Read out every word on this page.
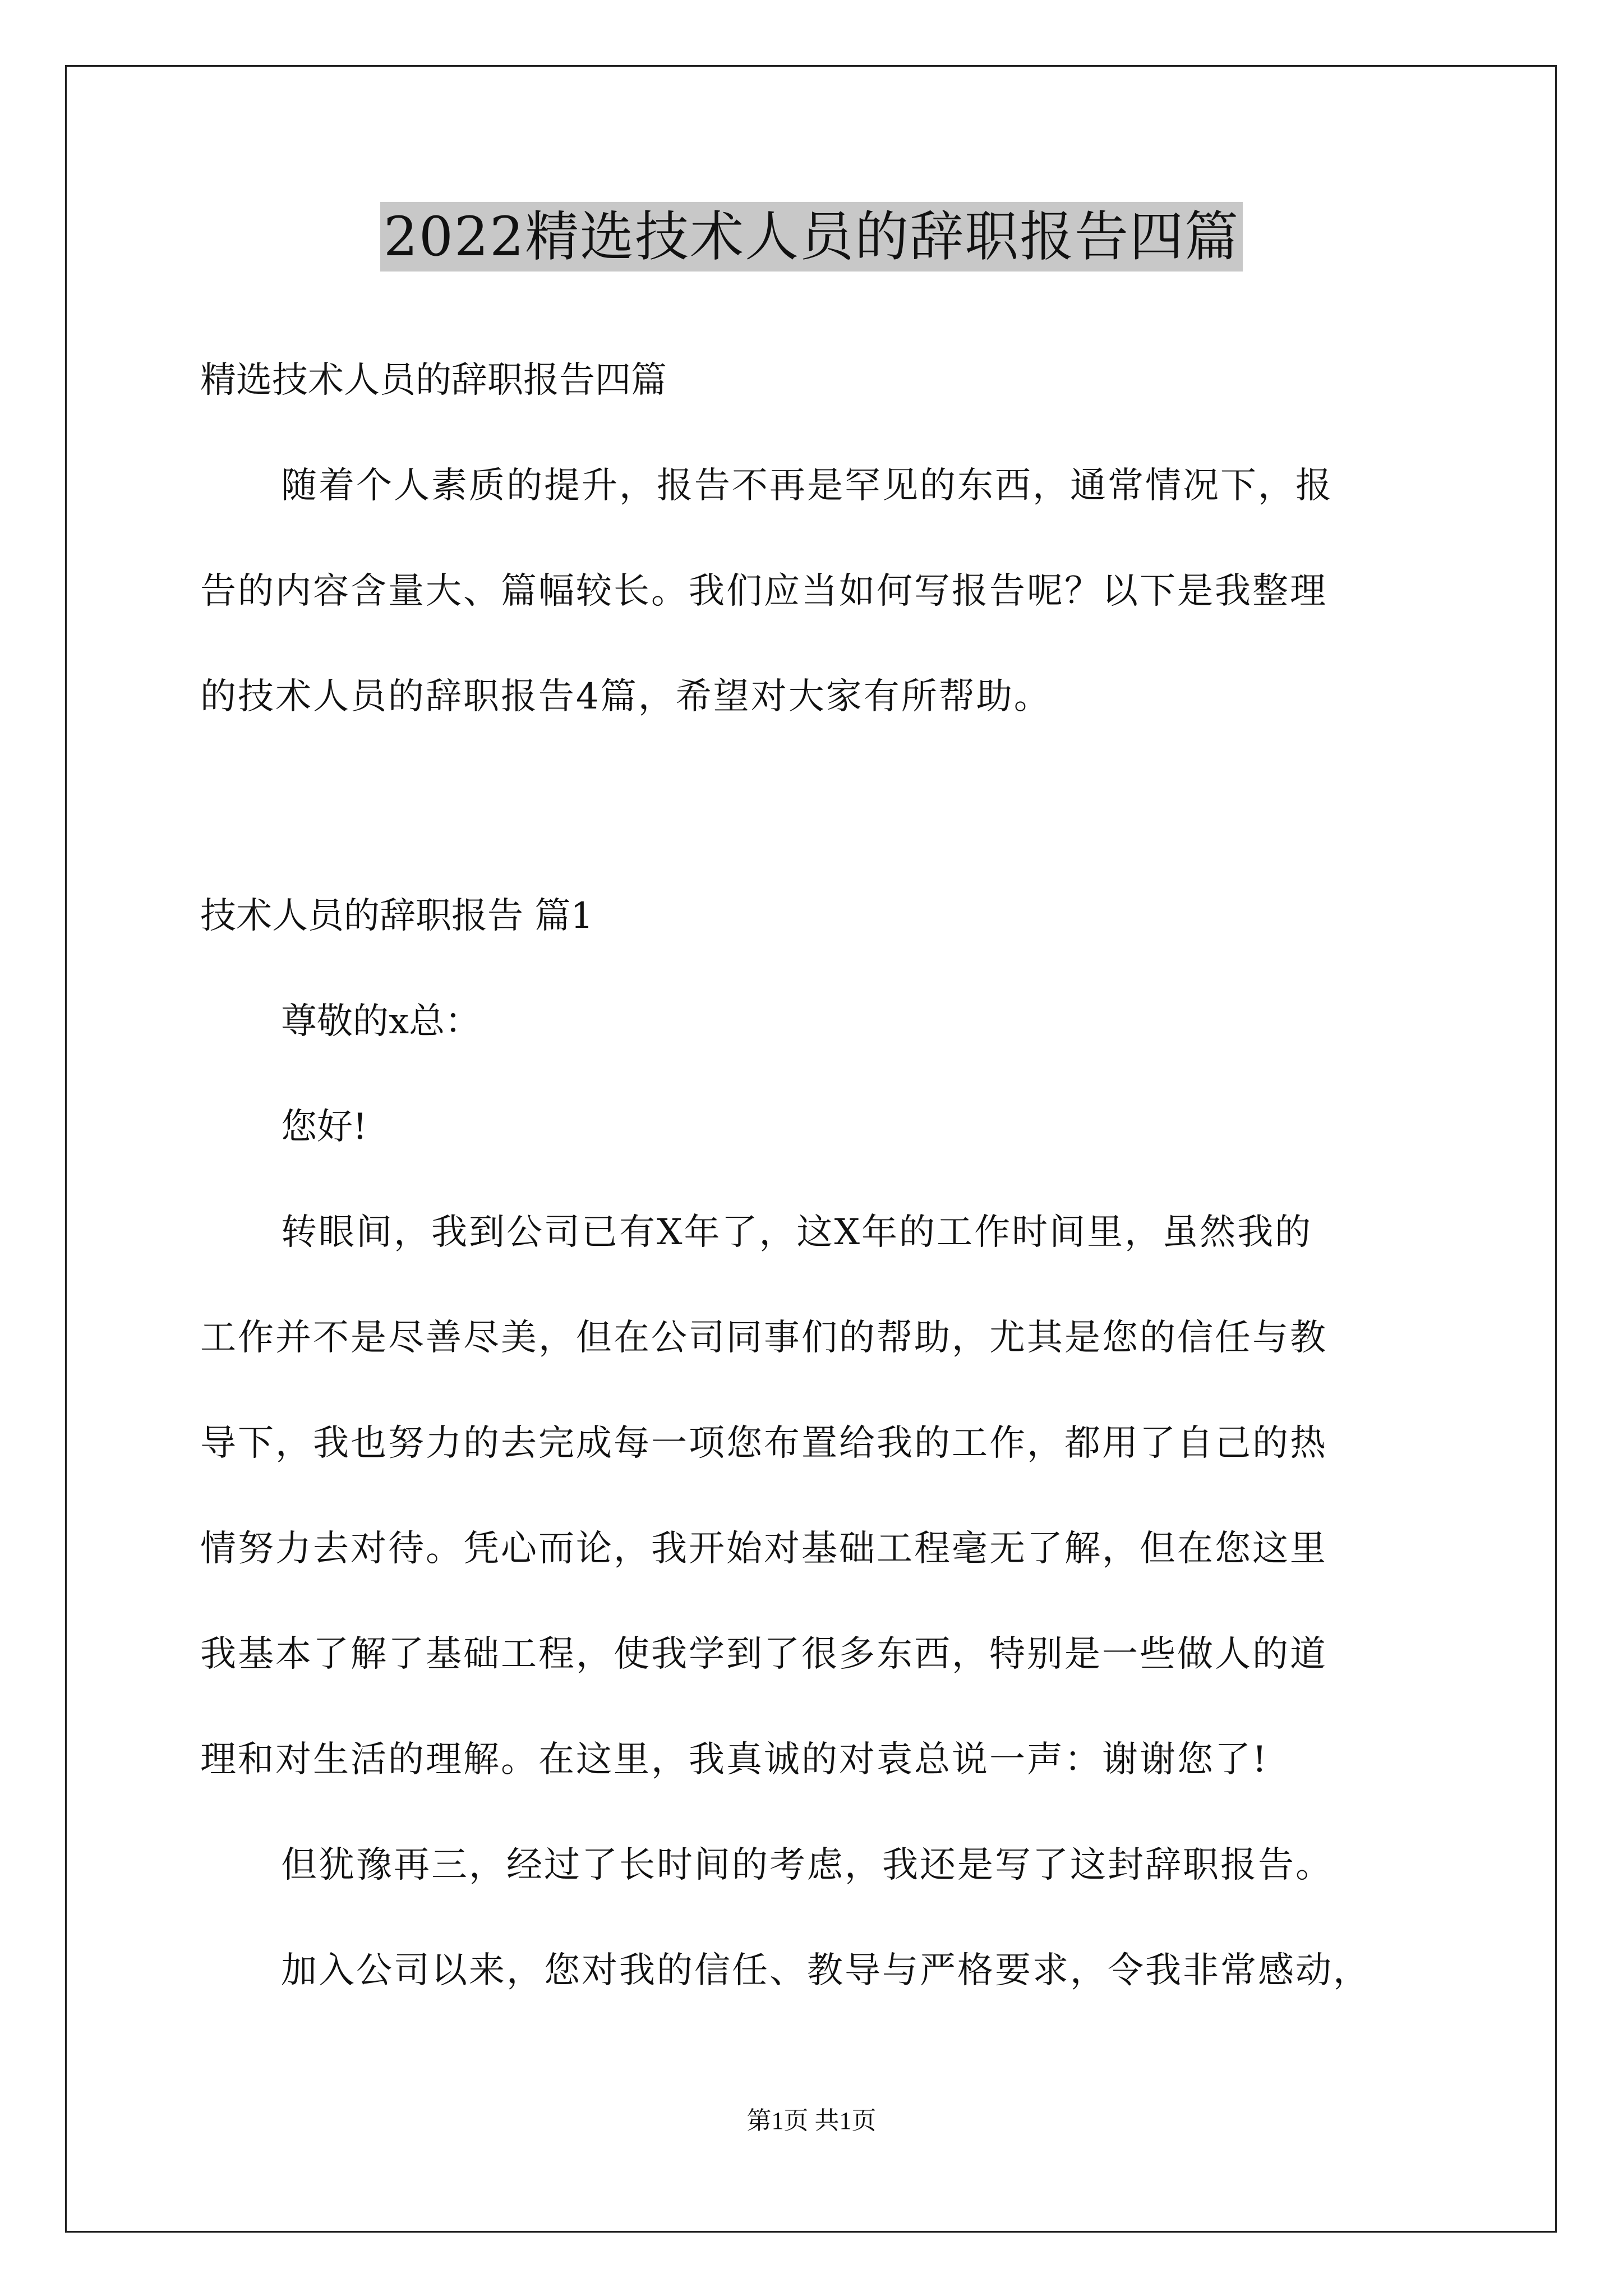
2022精选技术人员的辞职报告四篇
精选技术人员的辞职报告四篇
随着个人素质的提升，报告不再是罕见的东西，通常情况下，报
告的内容含量大、篇幅较长。我们应当如何写报告呢？以下是我整理
的技术人员的辞职报告4篇，希望对大家有所帮助。
技术人员的辞职报告 篇1
尊敬的x总：
您好!
转眼间，我到公司已有X年了，这X年的工作时间里，虽然我的
工作并不是尽善尽美，但在公司同事们的帮助，尤其是您的信任与教
导下，我也努力的去完成每一项您布置给我的工作，都用了自己的热
情努力去对待。凭心而论，我开始对基础工程毫无了解，但在您这里
我基本了解了基础工程，使我学到了很多东西，特别是一些做人的道
理和对生活的理解。在这里，我真诚的对袁总说一声：谢谢您了!
但犹豫再三，经过了长时间的考虑，我还是写了这封辞职报告。
加入公司以来，您对我的信任、教导与严格要求，令我非常感动，
第1页 共1页
